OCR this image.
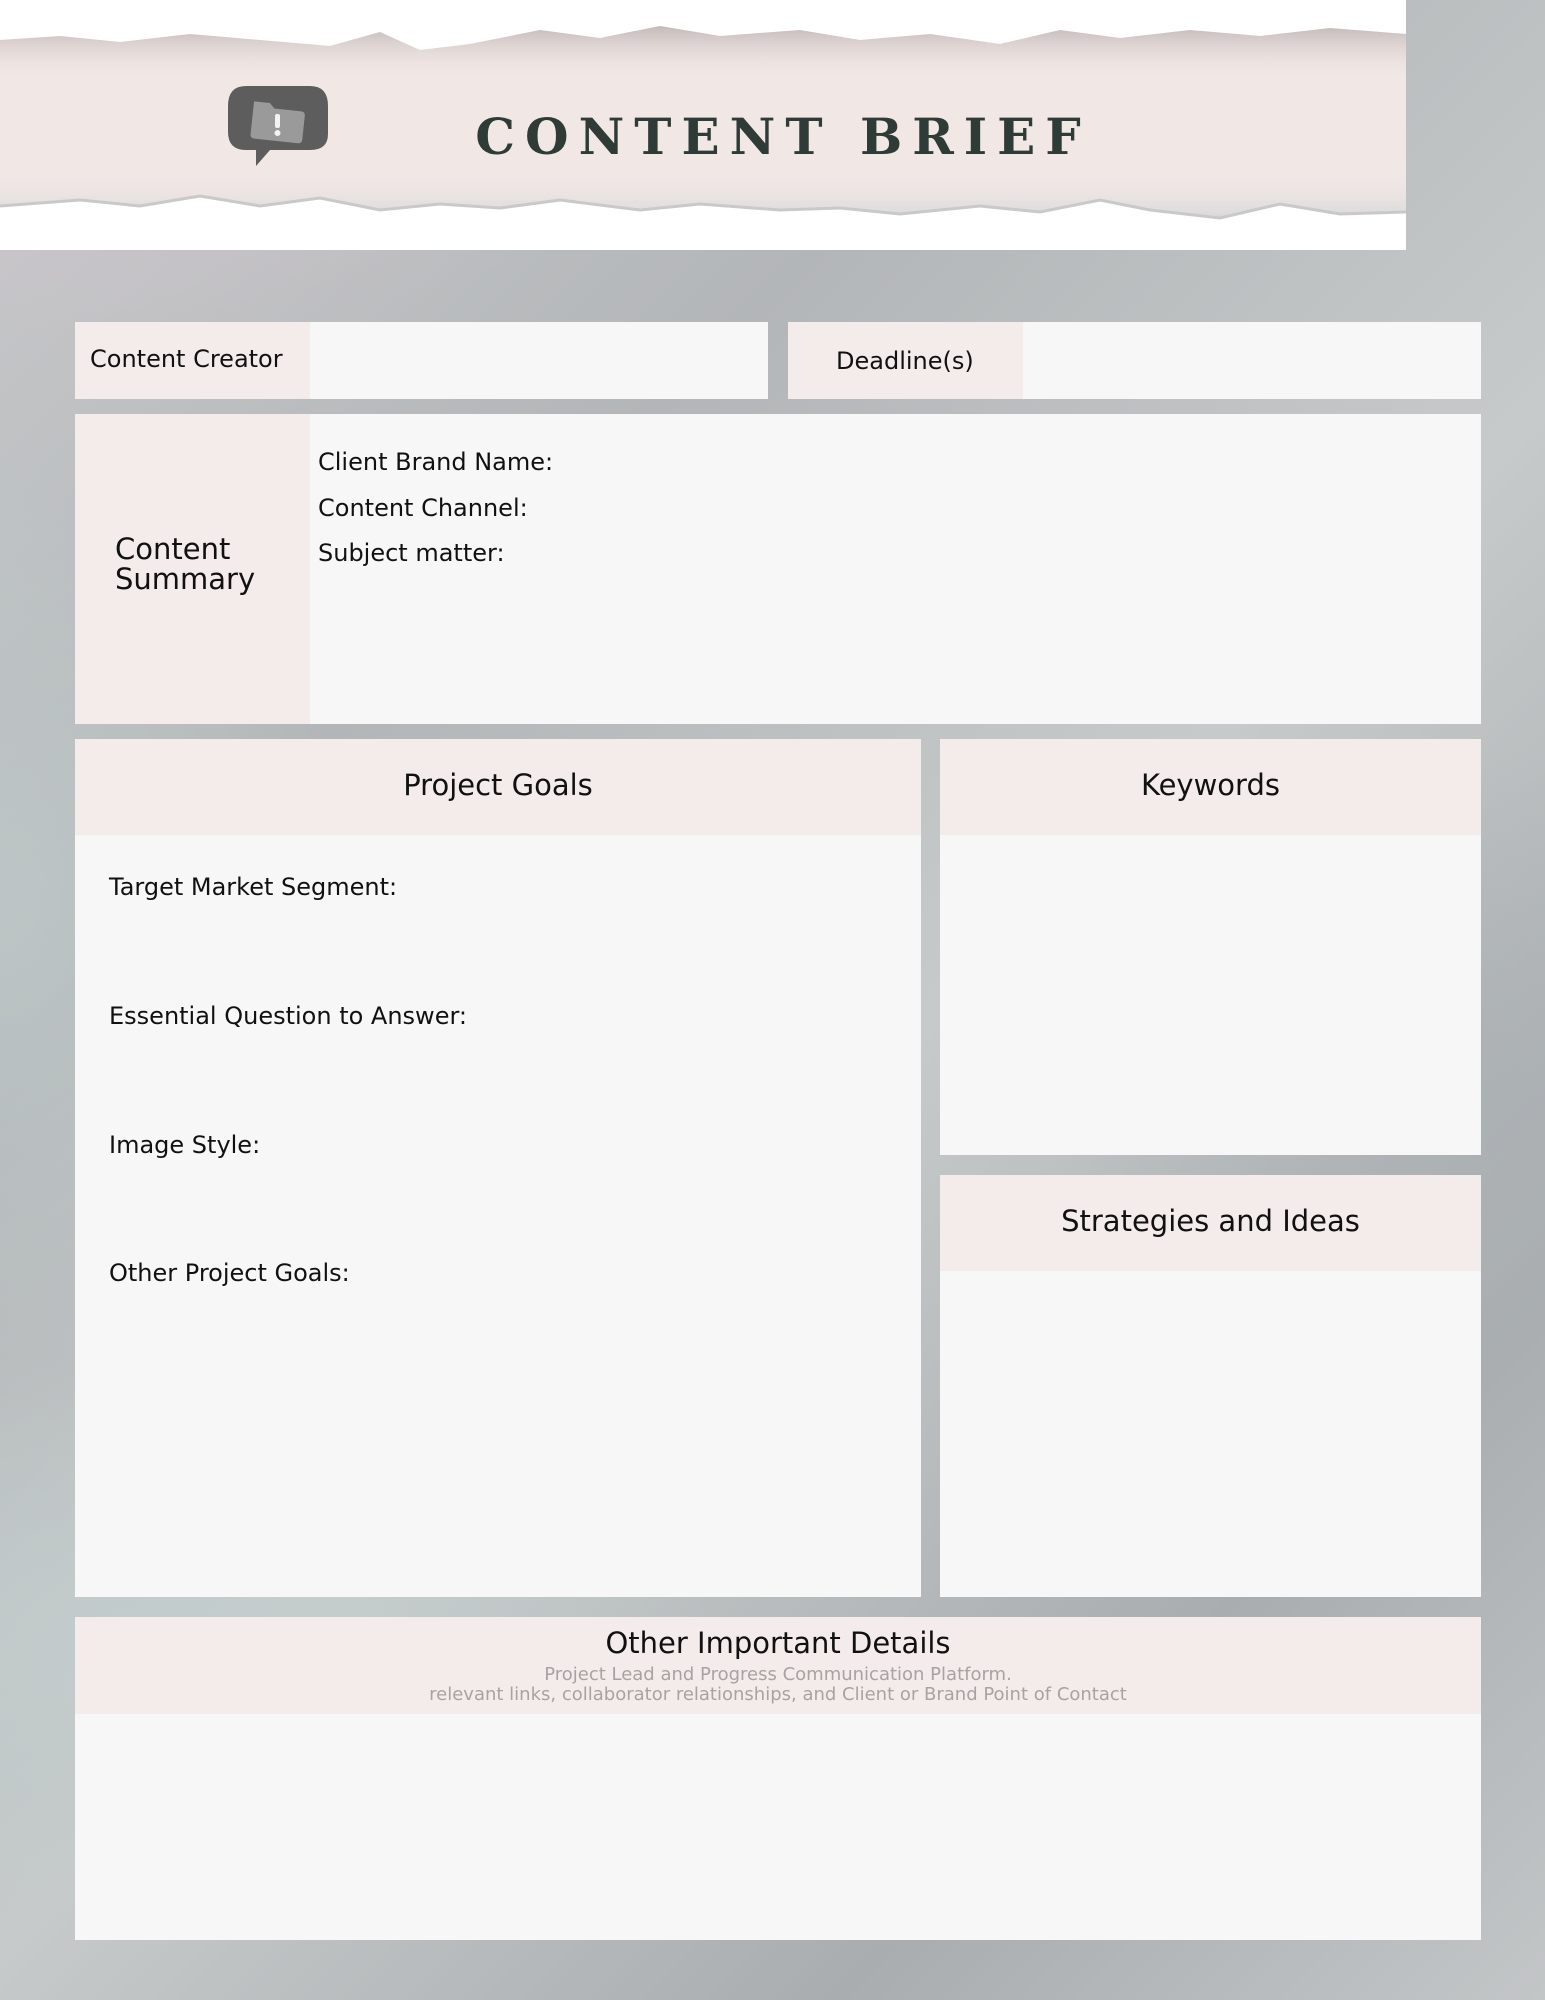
CONTENT BRIEF
Content Creator	Deadline(s)
Content Summary
Client Brand Name:
Content Channel:
Subject matter:
Project Goals
Target Market Segment:
Essential Question to Answer:
Image Style:
Other Project Goals:
Keywords
Strategies and Ideas
Other Important Details
Project Lead and Progress Communication Platform.
relevant links, collaborator relationships, and Client or Brand Point of Contact
